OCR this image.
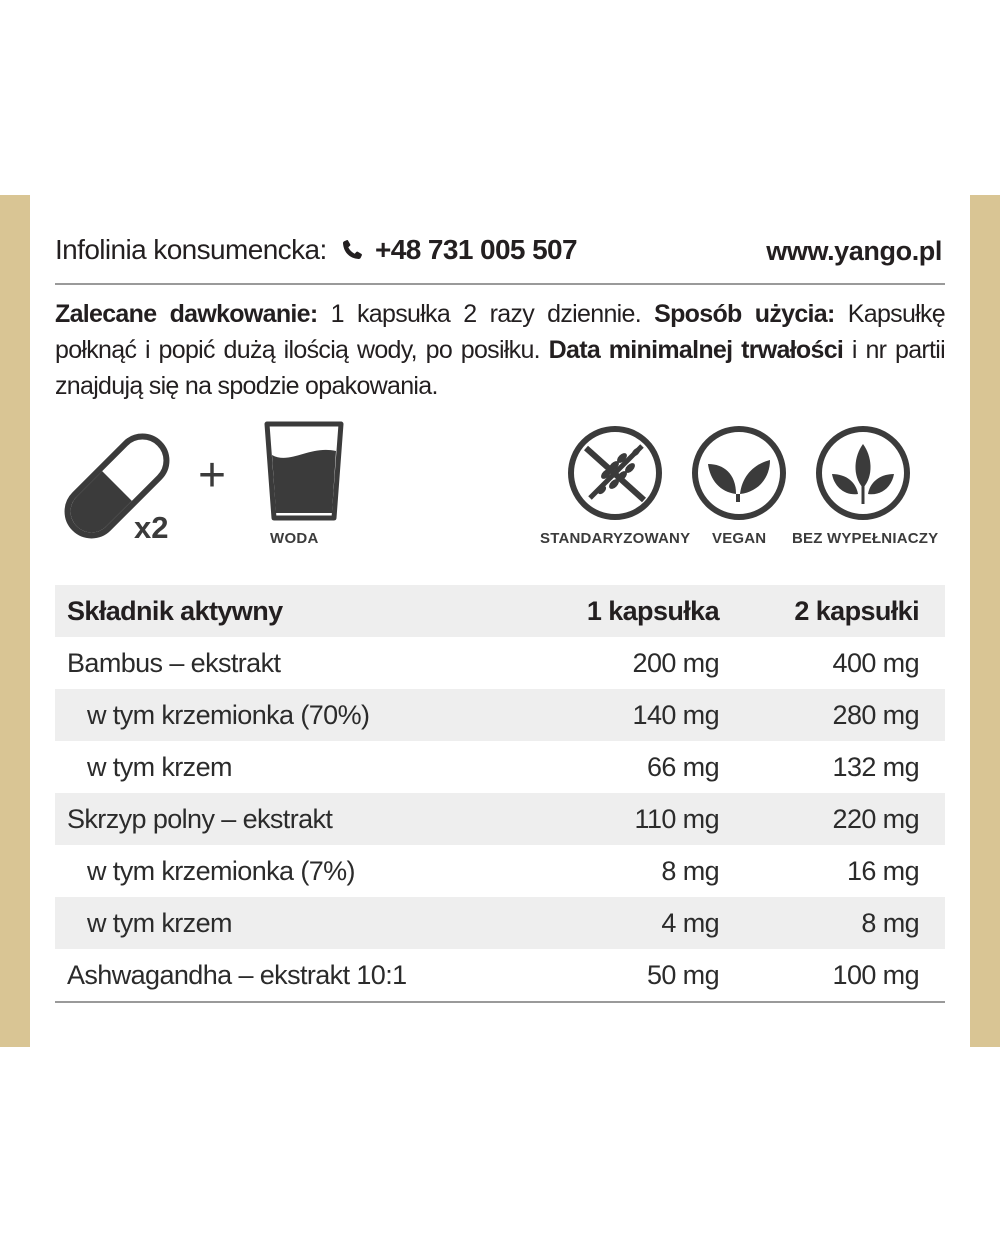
Infolinia konsumencka: +48 731 005 507	www.yango.pl
Zalecane dawkowanie: 1 kapsułka 2 razy dziennie. Sposób użycia: Kapsułkę połknąć i popić dużą ilością wody, po posiłku. Data minimalnej trwałości i nr partii znajdują się na spodzie opakowania.
x2
+
WODA	STANDARYZOWANY VEGAN BEZ WYPEŁNIACZY
Składnik aktywny	1 kapsułka	2 kapsułki
Bambus – ekstrakt	200 mg	400 mg
w tym krzemionka (70%)	140 mg	280 mg
w tym krzem	66 mg	132 mg
Skrzyp polny – ekstrakt	110 mg	220 mg
w tym krzemionka (7%)	8 mg	16 mg
w tym krzem	4 mg	8 mg
Ashwagandha – ekstrakt 10:1	50 mg	100 mg
